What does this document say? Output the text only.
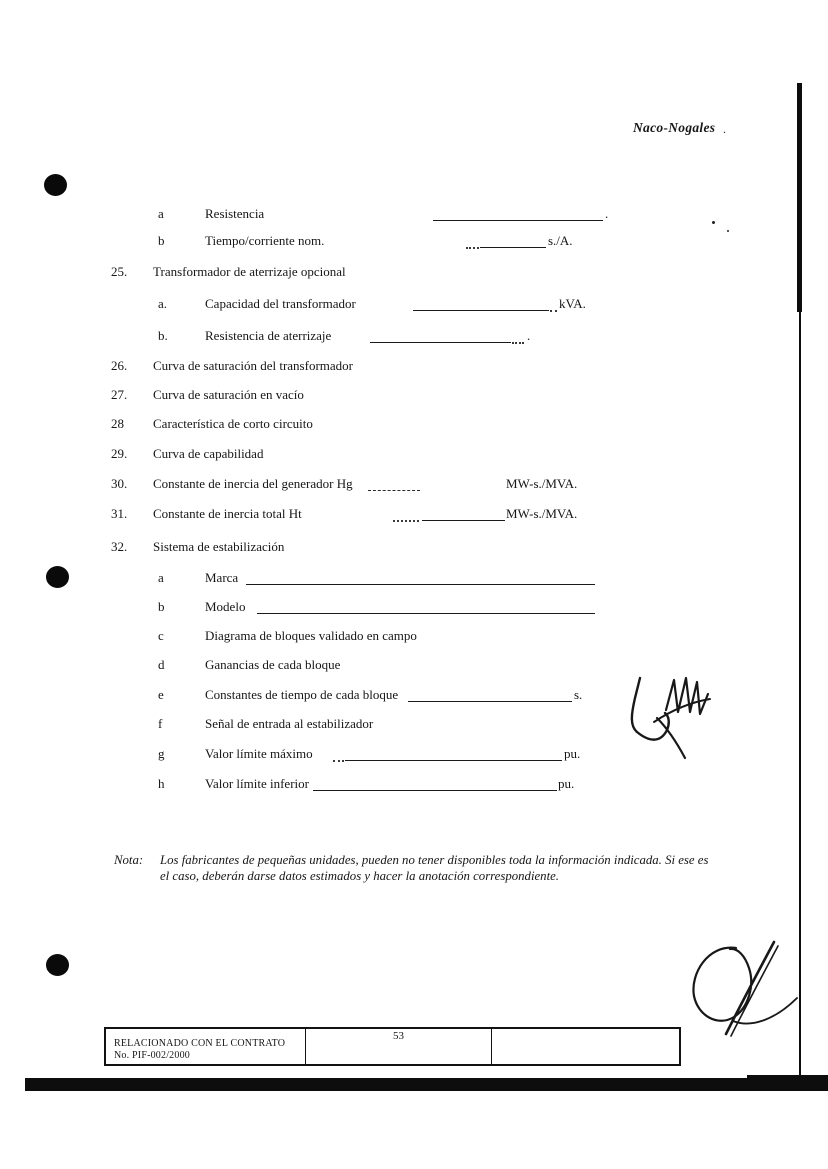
Naco-Nogales .
a	Resistencia	.
b	Tiempo/corriente nom.	s./A.
25. Transformador de aterrizaje opcional
a.	Capacidad del transformador	kVA.
b.	Resistencia de aterrizaje	.
26. Curva de saturación del transformador
27. Curva de saturación en vacío
28 Característica de corto circuito
29. Curva de capabilidad
30. Constante de inercia del generador Hg	MW-s./MVA.
31. Constante de inercia total Ht	MW-s./MVA.
32. Sistema de estabilización
a	Marca
b	Modelo
c	Diagrama de bloques validado en campo
d	Ganancias de cada bloque
e	Constantes de tiempo de cada bloque	s.
f	Señal de entrada al estabilizador
g	Valor límite máximo	pu.
h	Valor límite inferior	pu.
Nota: Los fabricantes de pequeñas unidades, pueden no tener disponibles toda la información indicada. Si ese es
el caso, deberán darse datos estimados y hacer la anotación correspondiente.
RELACIONADO CON EL CONTRATO
No. PIF-002/2000
53
